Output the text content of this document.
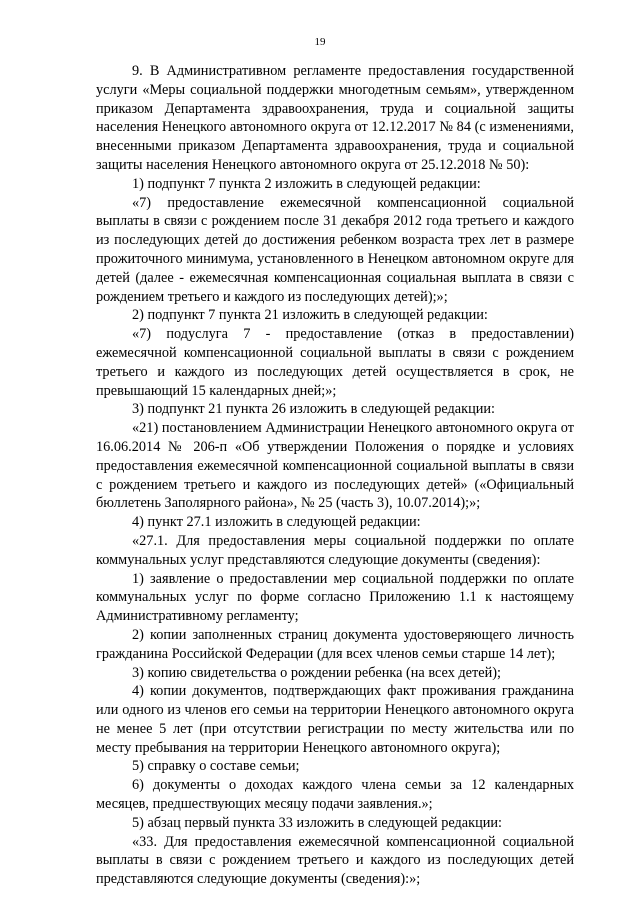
19

9. В Административном регламенте предоставления государственной услуги «Меры социальной поддержки многодетным семьям», утвержденном приказом Департамента здравоохранения, труда и социальной защиты населения Ненецкого автономного округа от 12.12.2017 № 84 (с изменениями, внесенными приказом Департамента здравоохранения, труда и социальной защиты населения Ненецкого автономного округа от 25.12.2018 № 50):

1) подпункт 7 пункта 2 изложить в следующей редакции:

«7) предоставление ежемесячной компенсационной социальной выплаты в связи с рождением после 31 декабря 2012 года третьего и каждого из последующих детей до достижения ребенком возраста трех лет в размере прожиточного минимума, установленного в Ненецком автономном округе для детей (далее - ежемесячная компенсационная социальная выплата в связи с рождением третьего и каждого из последующих детей);»;

2) подпункт 7 пункта 21 изложить в следующей редакции:

«7) подуслуга 7 - предоставление (отказ в предоставлении) ежемесячной компенсационной социальной выплаты в связи с рождением третьего и каждого из последующих детей осуществляется в срок, не превышающий 15 календарных дней;»;

3) подпункт 21 пункта 26 изложить в следующей редакции:

«21) постановлением Администрации Ненецкого автономного округа от 16.06.2014 № 206-п «Об утверждении Положения о порядке и условиях предоставления ежемесячной компенсационной социальной выплаты в связи с рождением третьего и каждого из последующих детей» («Официальный бюллетень Заполярного района», № 25 (часть 3), 10.07.2014);»;

4) пункт 27.1 изложить в следующей редакции:

«27.1. Для предоставления меры социальной поддержки по оплате коммунальных услуг представляются следующие документы (сведения):

1) заявление о предоставлении мер социальной поддержки по оплате коммунальных услуг по форме согласно Приложению 1.1 к настоящему Административному регламенту;

2) копии заполненных страниц документа удостоверяющего личность гражданина Российской Федерации (для всех членов семьи старше 14 лет);

3) копию свидетельства о рождении ребенка (на всех детей);

4) копии документов, подтверждающих факт проживания гражданина или одного из членов его семьи на территории Ненецкого автономного округа не менее 5 лет (при отсутствии регистрации по месту жительства или по месту пребывания на территории Ненецкого автономного округа);

5) справку о составе семьи;

6) документы о доходах каждого члена семьи за 12 календарных месяцев, предшествующих месяцу подачи заявления.»;

5) абзац первый пункта 33 изложить в следующей редакции:

«33. Для предоставления ежемесячной компенсационной социальной выплаты в связи с рождением третьего и каждого из последующих детей представляются следующие документы (сведения):»;
